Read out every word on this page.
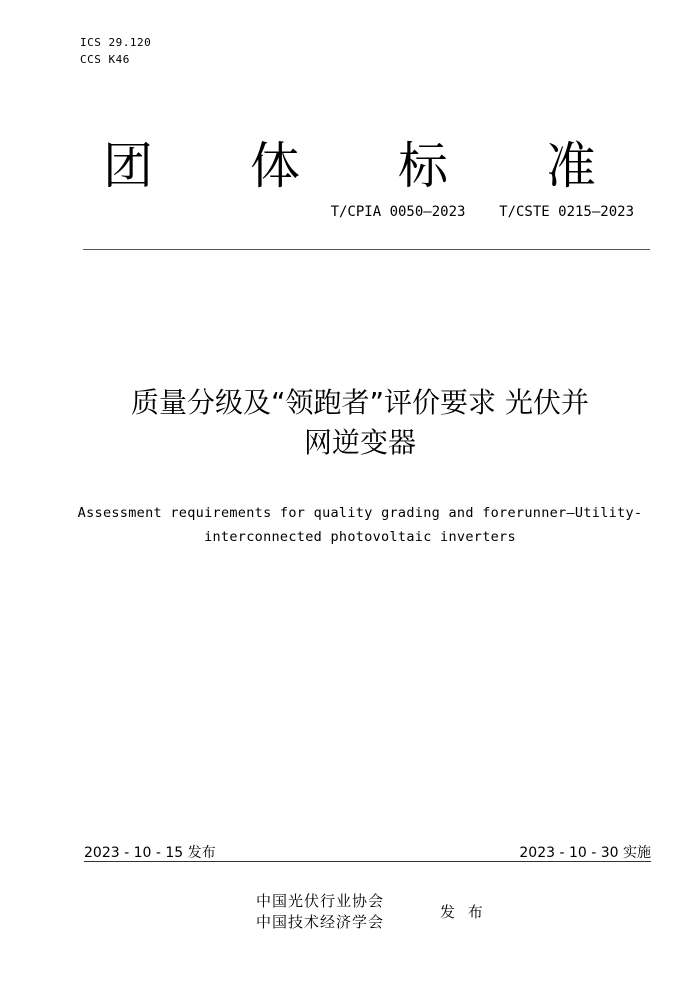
ICS 29.120
CCS K46
团 体 标 准
T/CPIA 0050—2023    T/CSTE 0215—2023
质量分级及“领跑者”评价要求 光伏并
网逆变器
Assessment requirements for quality grading and forerunner—Utility-
interconnected photovoltaic inverters
2023 - 10 - 15 发布	2023 - 10 - 30 实施
中国光伏行业协会
中国技术经济学会
发 布
